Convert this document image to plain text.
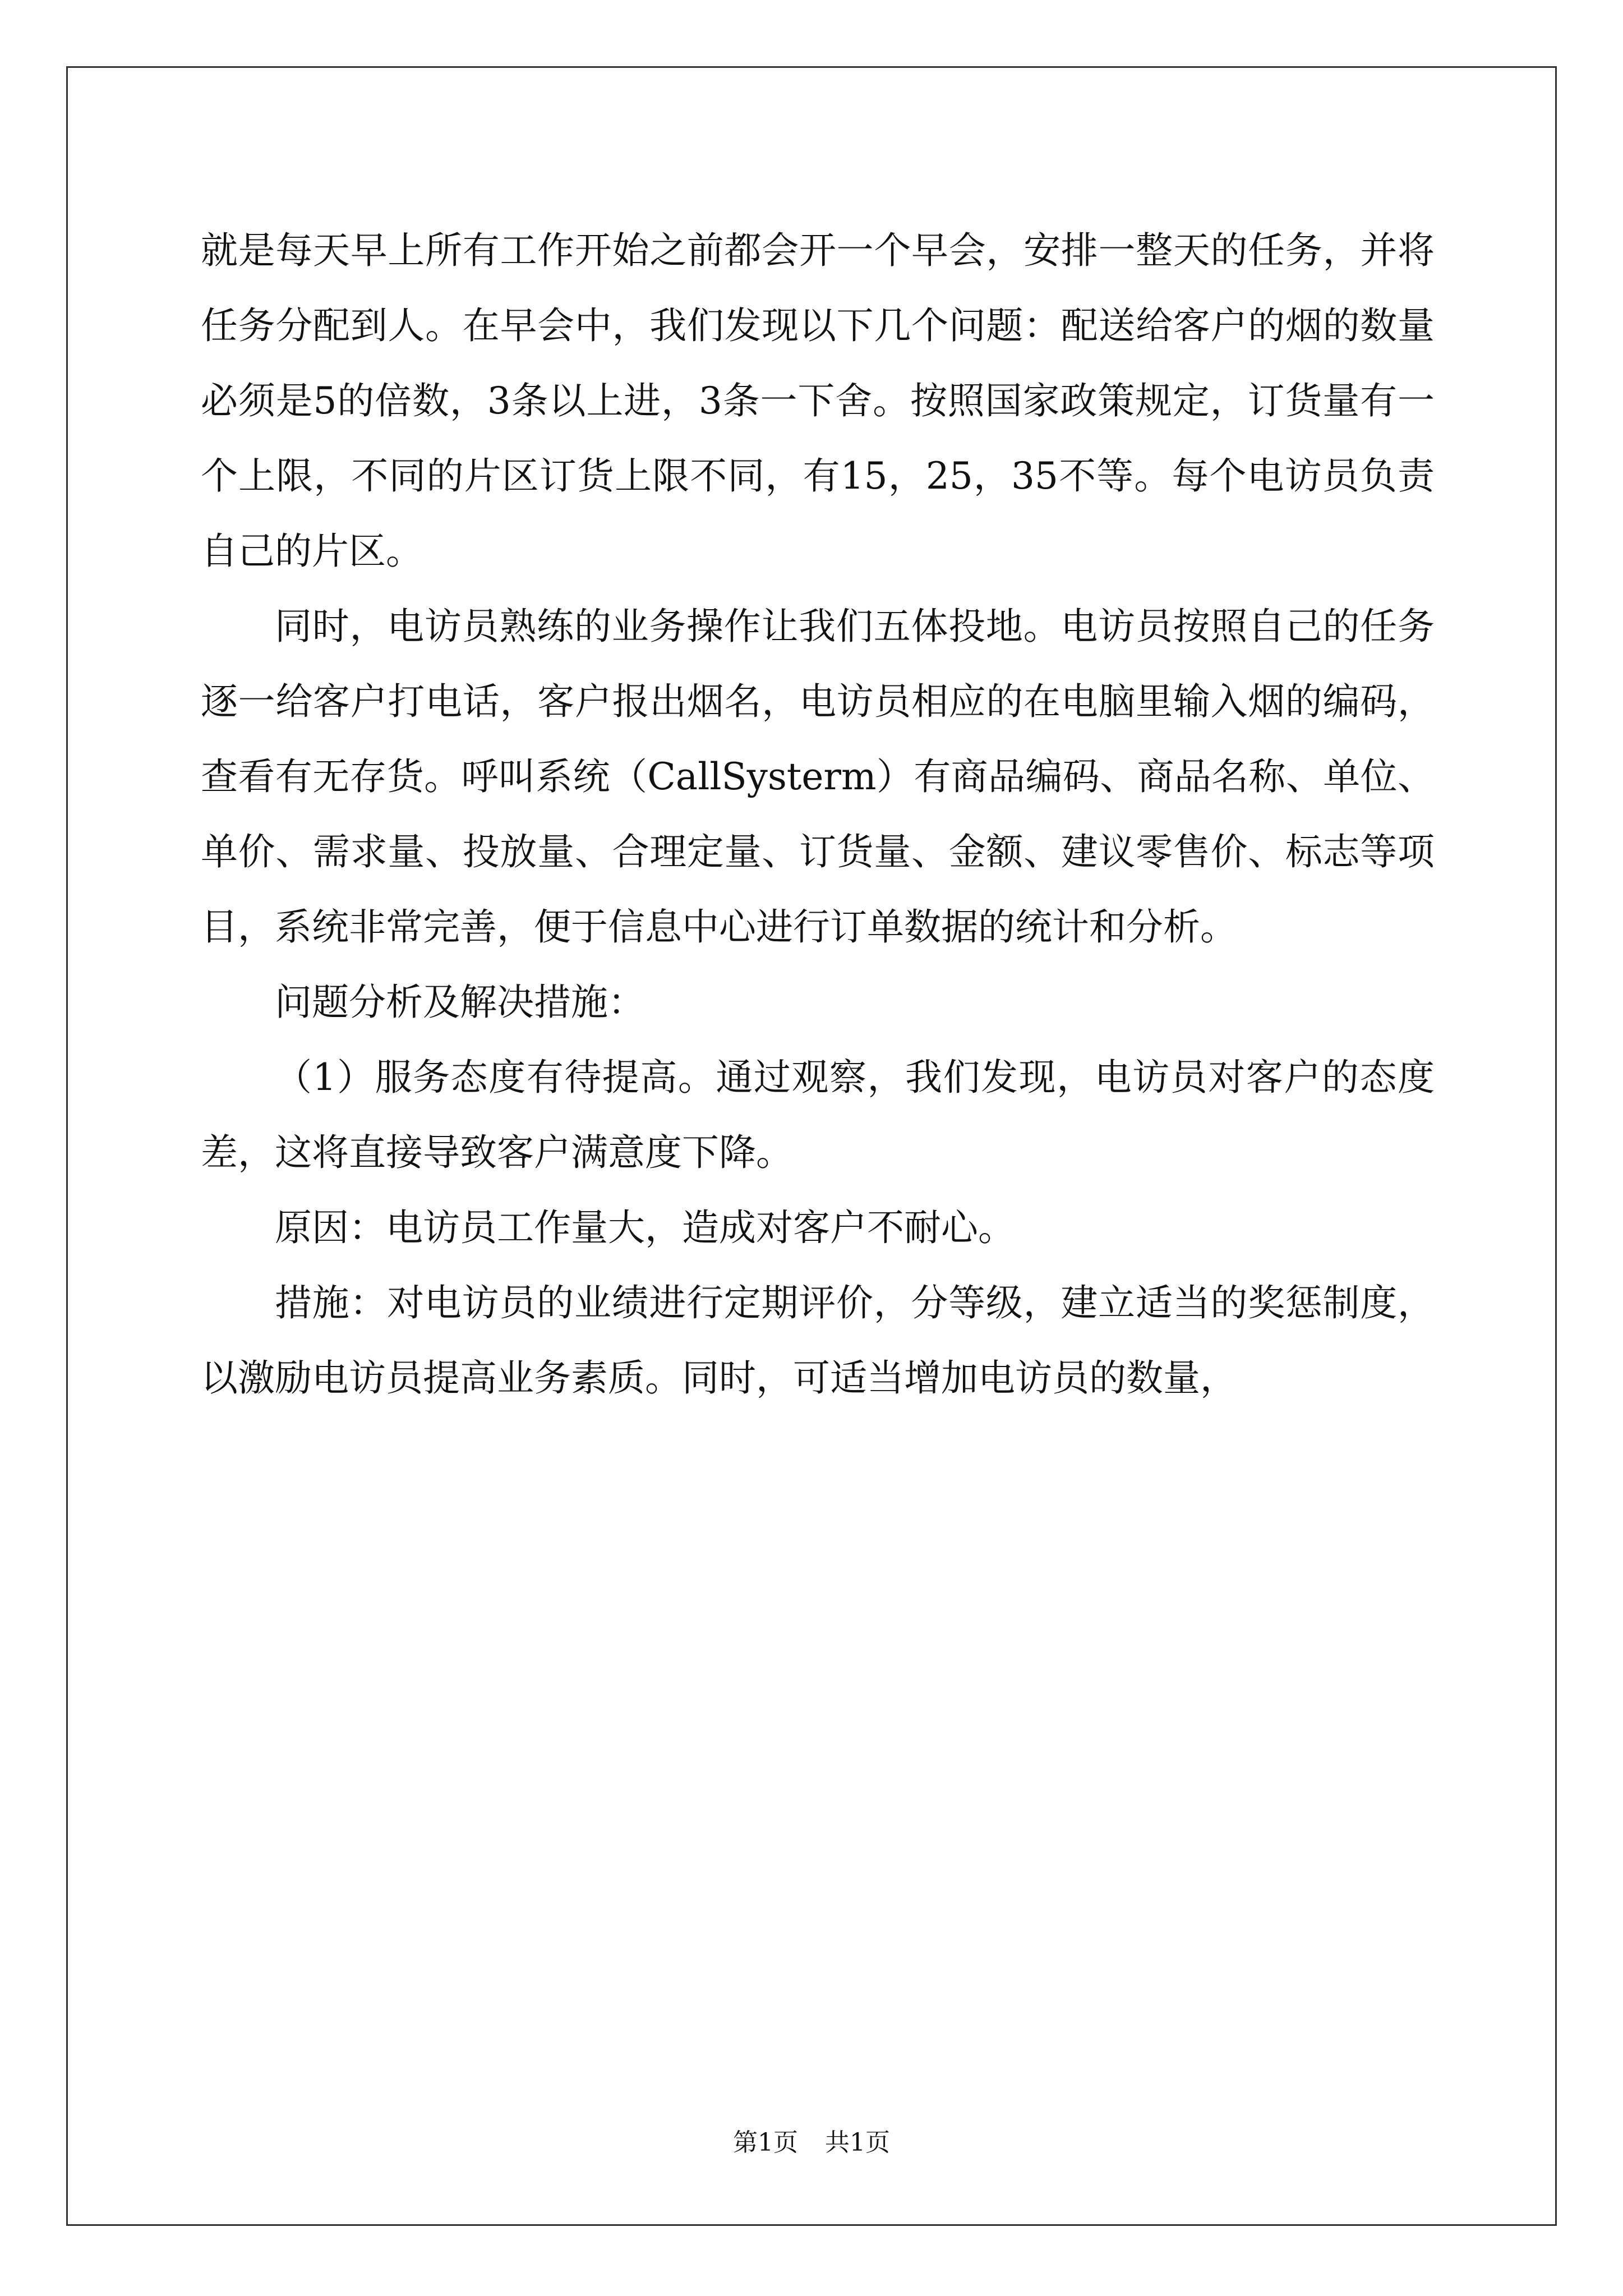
就是每天早上所有工作开始之前都会开一个早会，安排一整天的任务，并将任务分配到人。在早会中，我们发现以下几个问题：配送给客户的烟的数量必须是5的倍数，3条以上进，3条一下舍。按照国家政策规定，订货量有一个上限，不同的片区订货上限不同，有15，25，35不等。每个电访员负责自己的片区。

同时，电访员熟练的业务操作让我们五体投地。电访员按照自己的任务逐一给客户打电话，客户报出烟名，电访员相应的在电脑里输入烟的编码，查看有无存货。呼叫系统（CallSysterm）有商品编码、商品名称、单位、单价、需求量、投放量、合理定量、订货量、金额、建议零售价、标志等项目，系统非常完善，便于信息中心进行订单数据的统计和分析。

问题分析及解决措施：

（1）服务态度有待提高。通过观察，我们发现，电访员对客户的态度差，这将直接导致客户满意度下降。

原因：电访员工作量大，造成对客户不耐心。

措施：对电访员的业绩进行定期评价，分等级，建立适当的奖惩制度，以激励电访员提高业务素质。同时，可适当增加电访员的数量，

第1页 共1页
